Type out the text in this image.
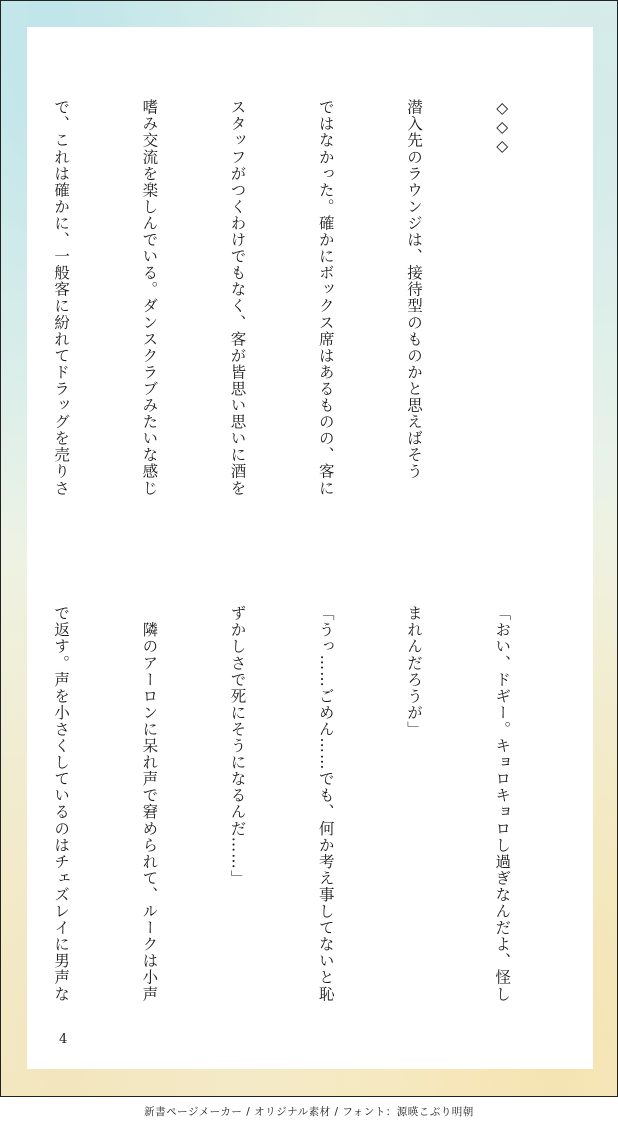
◇◇◇

潜入先のラウンジは、接待型のものかと思えばそう

ではなかった。確かにボックス席はあるものの、客に

スタッフがつくわけでもなく、客が皆思い思いに酒を

嗜み交流を楽しんでいる。ダンスクラブみたいな感じ

で、これは確かに、一般客に紛れてドラッグを売りさ

「おい、ドギー。キョロキョロし過ぎなんだよ、怪し

まれんだろうが」

「うっ……ごめん……でも、何か考え事してないと恥

ずかしさで死にそうになるんだ……」

　隣のアーロンに呆れ声で窘められて、ルークは小声

で返す。声を小さくしているのはチェズレイに男声な

4
新書ページメーカー / オリジナル素材 / フォント：源暎こぶり明朝
